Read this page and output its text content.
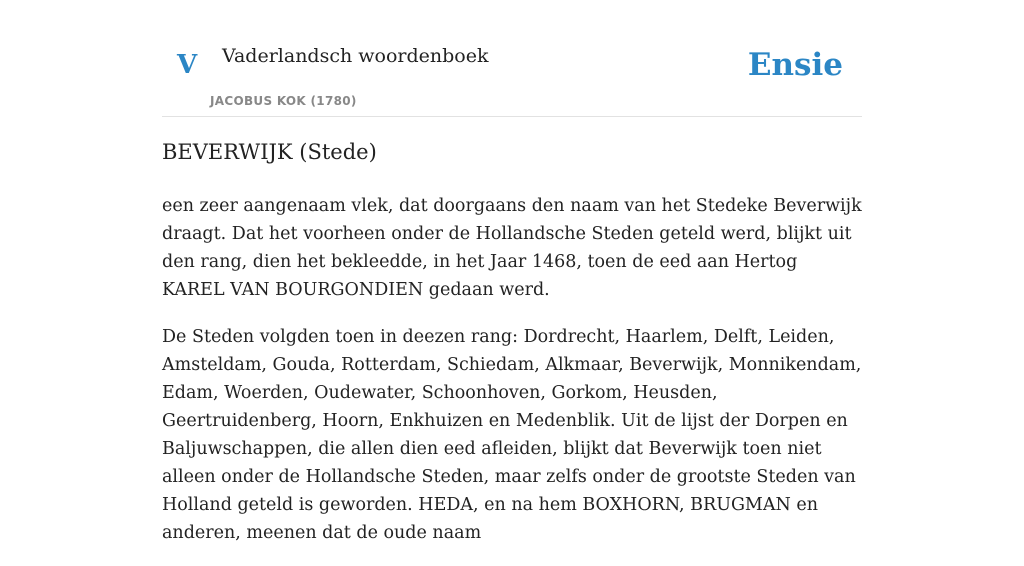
V Vaderlandsch woordenboek
JACOBUS KOK (1780)
Ensie
BEVERWIJK (Stede)

een zeer aangenaam vlek, dat doorgaans den naam van het Stedeke Beverwijk draagt. Dat het voorheen onder de Hollandsche Steden geteld werd, blijkt uit den rang, dien het bekleedde, in het Jaar 1468, toen de eed aan Hertog KAREL VAN BOURGONDIEN gedaan werd.

De Steden volgden toen in deezen rang: Dordrecht, Haarlem, Delft, Leiden, Amsteldam, Gouda, Rotterdam, Schiedam, Alkmaar, Beverwijk, Monnikendam, Edam, Woerden, Oudewater, Schoonhoven, Gorkom, Heusden, Geertruidenberg, Hoorn, Enkhuizen en Medenblik. Uit de lijst der Dorpen en Baljuwschappen, die allen dien eed afleiden, blijkt dat Beverwijk toen niet alleen onder de Hollandsche Steden, maar zelfs onder de grootste Steden van Holland geteld is geworden. HEDA, en na hem BOXHORN, BRUGMAN en anderen, meenen dat de oude naam
